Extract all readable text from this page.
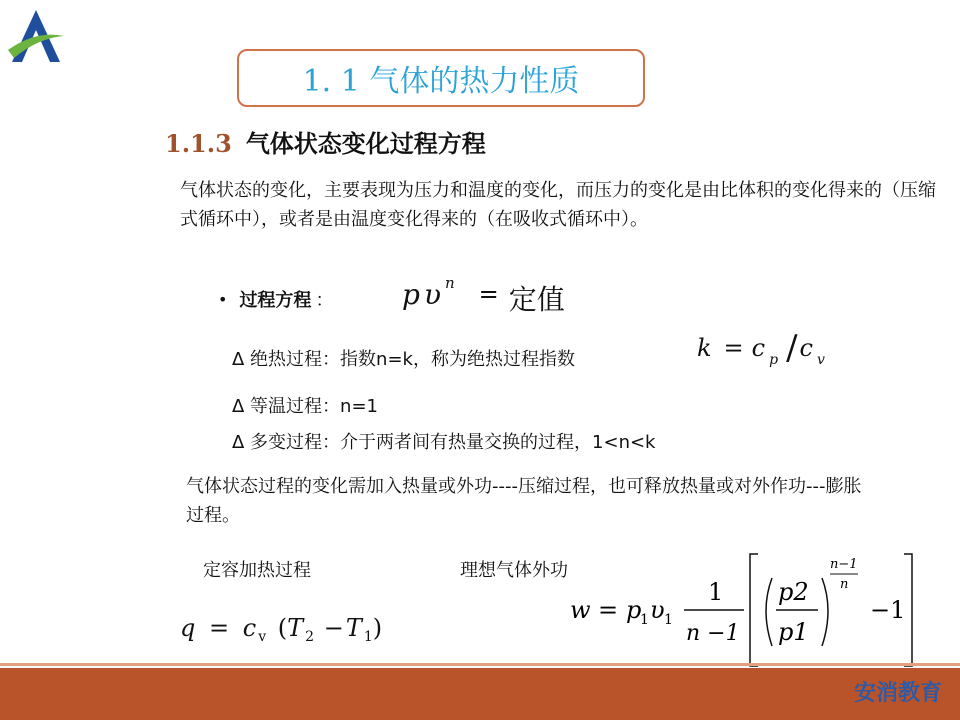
1. 1 气体的热力性质
1.1.3 气体状态变化过程方程
气体状态的变化，主要表现为压力和温度的变化，而压力的变化是由比体积的变化得来的（压缩式循环中），或者是由温度变化得来的（在吸收式循环中）。
• 过程方程 ： p υ $^n$ = 定值
Δ 绝热过程：指数n=k，称为绝热过程指数
Δ 等温过程：n=1
Δ 多变过程：介于两者间有热量交换的过程，1<n<k
k = c p / c v
气体状态过程的变化需加入热量或外功----压缩过程，也可释放热量或对外作功---膨胀过程。
定容加热过程	理想气体外功
q = c $_v$ (T $_2$ −T $_1$)
w = p
1 υ 1
1
n −1
p2
p1
n−1
n
−1
安消教育
